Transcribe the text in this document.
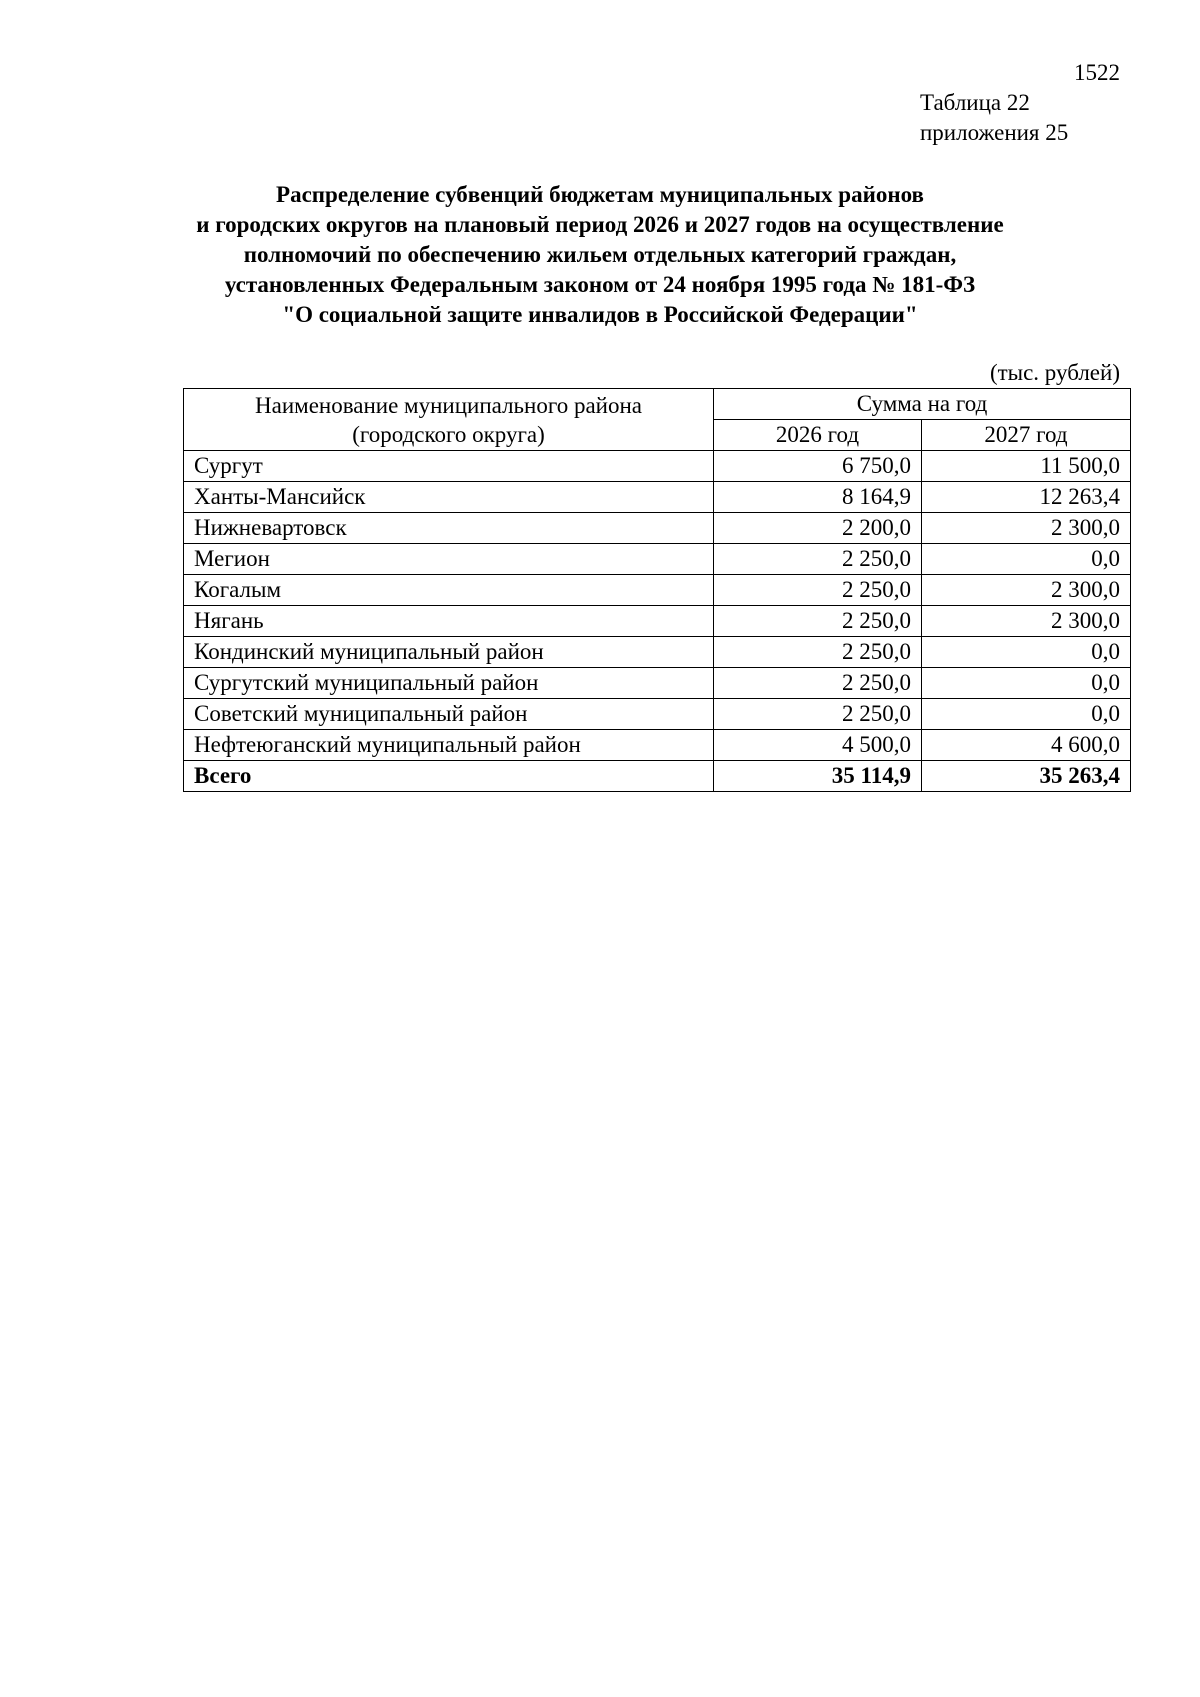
1522
Таблица 22
приложения 25
Распределение субвенций бюджетам муниципальных районов
и городских округов на плановый период 2026 и 2027 годов на осуществление
полномочий по обеспечению жильем отдельных категорий граждан,
установленных Федеральным законом от 24 ноября 1995 года № 181-ФЗ
"О социальной защите инвалидов в Российской Федерации"
(тыс. рублей)
Наименование муниципального района
(городского округа)	Сумма на год	
	2026 год	2027 год
Сургут	6 750,0	11 500,0
Ханты-Мансийск	8 164,9	12 263,4
Нижневартовск	2 200,0	2 300,0
Мегион	2 250,0	0,0
Когалым	2 250,0	2 300,0
Нягань	2 250,0	2 300,0
Кондинский муниципальный район	2 250,0	0,0
Сургутский муниципальный район	2 250,0	0,0
Советский муниципальный район	2 250,0	0,0
Нефтеюганский муниципальный район	4 500,0	4 600,0
Всего	35 114,9	35 263,4
